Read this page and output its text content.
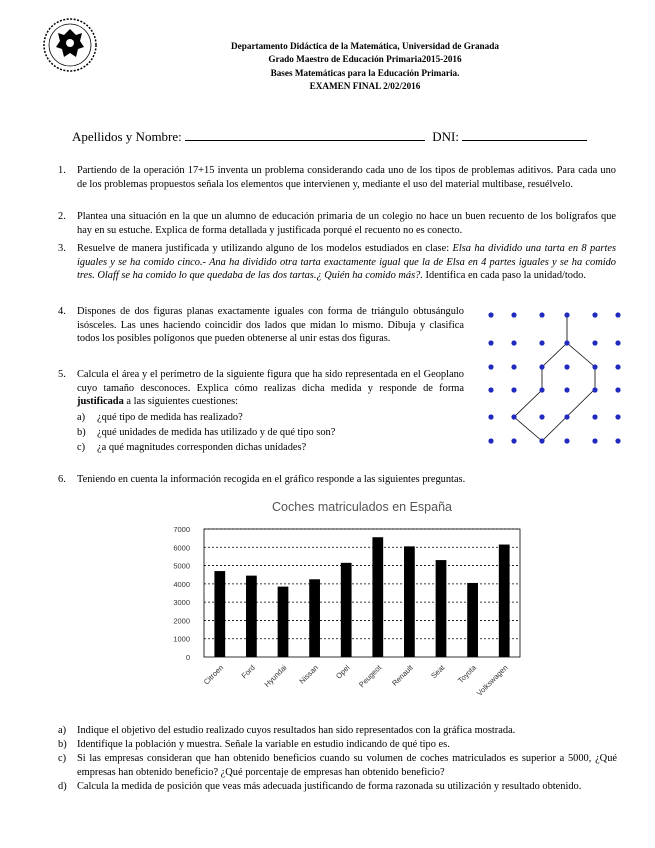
Departamento Didáctica de la Matemática, Universidad de Granada
Grado Maestro de Educación Primaria2015-2016
Bases Matemáticas para la Educación Primaria.
EXAMEN FINAL 2/02/2016
Apellidos y Nombre:	DNI:
1. Partiendo de la operación 17+15 inventa un problema considerando cada uno de los tipos de problemas aditivos. Para cada uno de los problemas propuestos señala los elementos que intervienen y, mediante el uso del material multibase, resuélvelo.
2. Plantea una situación en la que un alumno de educación primaria de un colegio no hace un buen recuento de los bolígrafos que hay en su estuche. Explica de forma detallada y justificada porqué el recuento no es conecto.
3. Resuelve de manera justificada y utilizando alguno de los modelos estudiados en clase: Elsa ha dividido una tarta en 8 partes iguales y se ha comido cinco.- Ana ha dividido otra tarta exactamente igual que la de Elsa en 4 partes iguales y se ha comido tres. Olaff se ha comido lo que quedaba de las dos tartas.¿ Quién ha comido más?. Identifica en cada paso la unidad/todo.
4. Dispones de dos figuras planas exactamente iguales con forma de triángulo obtusángulo isósceles. Las unes haciendo coincidir dos lados que midan lo mismo. Dibuja y clasifica todos los posibles polígonos que pueden obtenerse al unir estas dos figuras.
5. Calcula el área y el perímetro de la siguiente figura que ha sido representada en el Geoplano cuyo tamaño desconoces. Explica cómo realizas dicha medida y responde de forma justificada a las siguientes cuestiones:
a) ¿qué tipo de medida has realizado?
b) ¿qué unidades de medida has utilizado y de qué tipo son?
c) ¿a qué magnitudes corresponden dichas unidades?
6. Teniendo en cuenta la información recogida en el gráfico responde a las siguientes preguntas.
Coches matriculados en España
0
1000
2000
3000
4000
5000
6000
7000
Citroen Ford Hyundai Nissan Opel Peugeot Renault Seat Toyota
Volkswagen
a) Indique el objetivo del estudio realizado cuyos resultados han sido representados con la gráfica mostrada.
b) Identifique la población y muestra. Señale la variable en estudio indicando de qué tipo es.
c) Si las empresas consideran que han obtenido beneficios cuando su volumen de coches matriculados es superior a 5000, ¿Qué empresas han obtenido beneficio? ¿Qué porcentaje de empresas han obtenido beneficio?
d) Calcula la medida de posición que veas más adecuada justificando de forma razonada su utilización y resultado obtenido.
